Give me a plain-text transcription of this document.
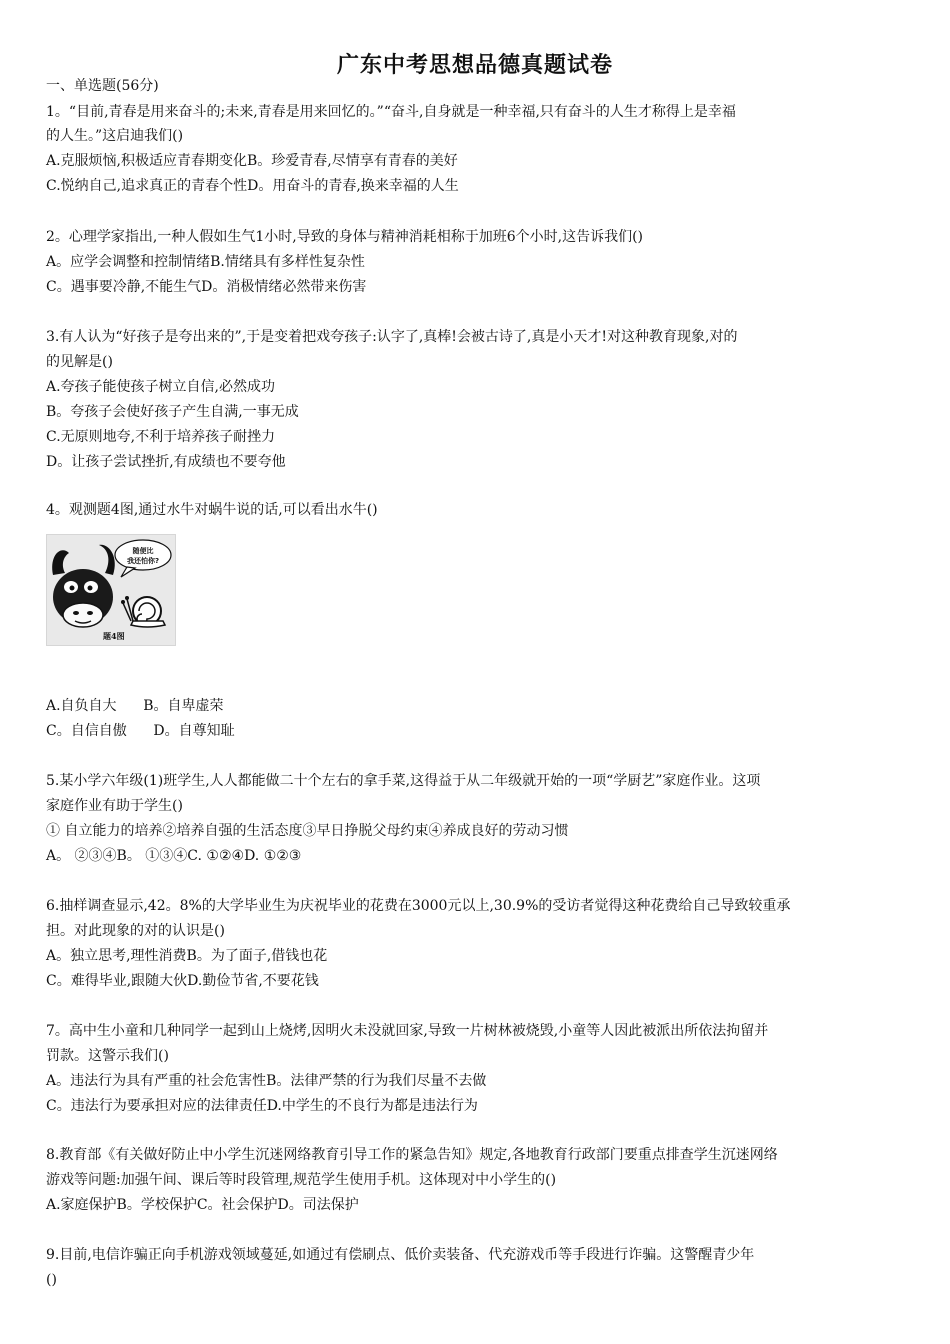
广东中考思想品德真题试卷
一、单选题(56分)
1。“目前,青春是用来奋斗的;未来,青春是用来回忆的。”“奋斗,自身就是一种幸福,只有奋斗的人生才称得上是幸福
的人生。”这启迪我们()
A.克服烦恼,积极适应青春期变化B。珍爱青春,尽情享有青春的美好
C.悦纳自己,追求真正的青春个性D。用奋斗的青春,换来幸福的人生
2。心理学家指出,一种人假如生气1小时,导致的身体与精神消耗相称于加班6个小时,这告诉我们()
A。应学会调整和控制情绪B.情绪具有多样性复杂性
C。遇事要冷静,不能生气D。消极情绪必然带来伤害
3.有人认为“好孩子是夸出来的”,于是变着把戏夸孩子:认字了,真棒!会被古诗了,真是小天才!对这种教育现象,对的
的见解是()
A.夸孩子能使孩子树立自信,必然成功
B。夸孩子会使好孩子产生自满,一事无成
C.无原则地夸,不利于培养孩子耐挫力
D。让孩子尝试挫折,有成绩也不要夸他
4。观测题4图,通过水牛对蜗牛说的话,可以看出水牛()
随便比
我还怕你?
题4图
A.自负自大      B。自卑虚荣
C。自信自傲      D。自尊知耻
5.某小学六年级(1)班学生,人人都能做二十个左右的拿手菜,这得益于从二年级就开始的一项“学厨艺”家庭作业。这项
家庭作业有助于学生()
① 自立能力的培养②培养自强的生活态度③早日挣脱父母约束④养成良好的劳动习惯
A。 ②③④B。 ①③④C. ①②④D. ①②③
6.抽样调查显示,42。8%的大学毕业生为庆祝毕业的花费在3000元以上,30.9%的受访者觉得这种花费给自己导致较重承
担。对此现象的对的认识是()
A。独立思考,理性消费B。为了面子,借钱也花
C。难得毕业,跟随大伙D.勤俭节省,不要花钱
7。高中生小童和几种同学一起到山上烧烤,因明火未没就回家,导致一片树林被烧毁,小童等人因此被派出所依法拘留并
罚款。这警示我们()
A。违法行为具有严重的社会危害性B。法律严禁的行为我们尽量不去做
C。违法行为要承担对应的法律责任D.中学生的不良行为都是违法行为
8.教育部《有关做好防止中小学生沉迷网络教育引导工作的紧急告知》规定,各地教育行政部门要重点排查学生沉迷网络
游戏等问题:加强午间、课后等时段管理,规范学生使用手机。这体现对中小学生的()
A.家庭保护B。学校保护C。社会保护D。司法保护
9.目前,电信诈骗正向手机游戏领域蔓延,如通过有偿刷点、低价卖装备、代充游戏币等手段进行诈骗。这警醒青少年
()
